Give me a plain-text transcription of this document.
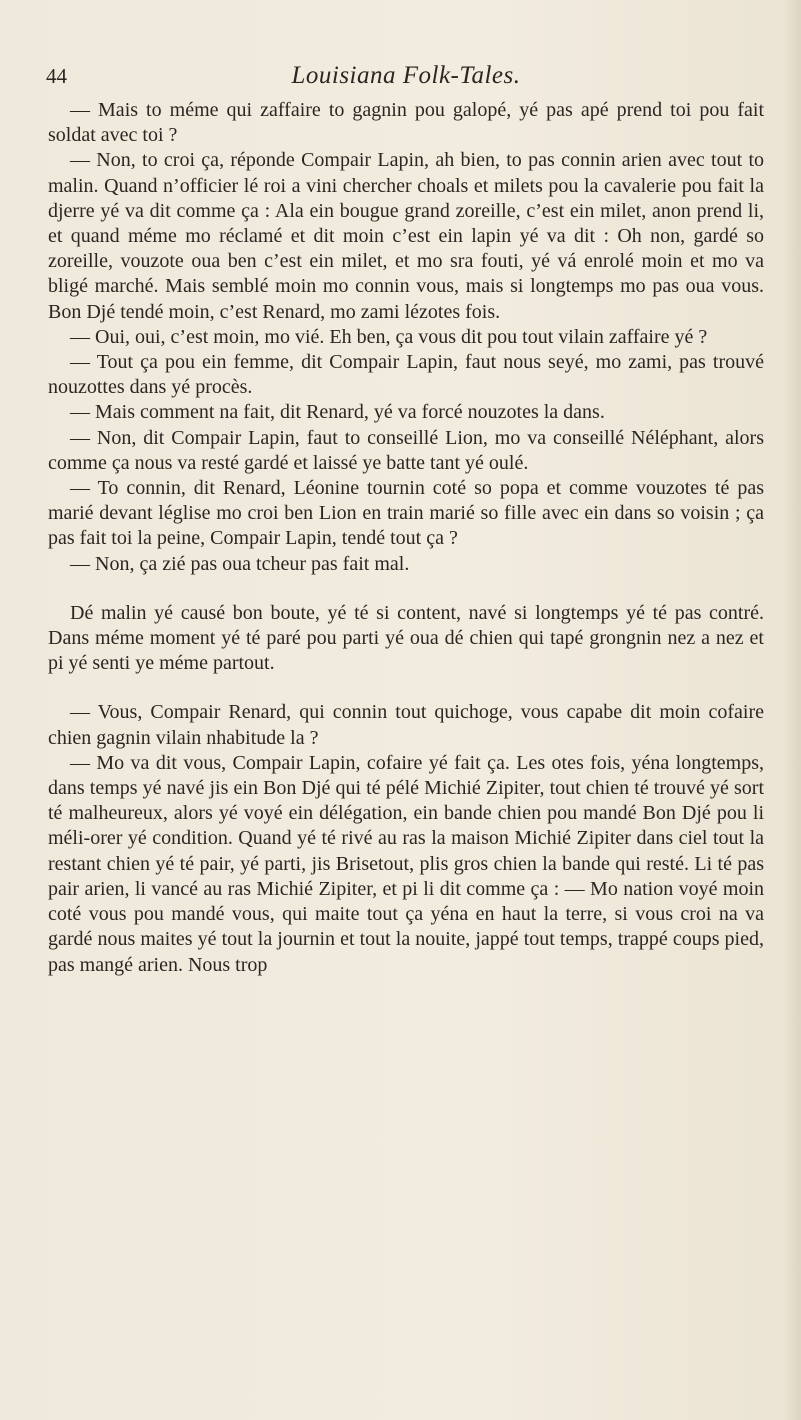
44	Louisiana Folk-Tales.

— Mais to méme qui zaffaire to gagnin pou galopé, yé pas apé prend toi pou fait soldat avec toi ?

— Non, to croi ça, réponde Compair Lapin, ah bien, to pas connin arien avec tout to malin. Quand n’officier lé roi a vini chercher choals et milets pou la cavalerie pou fait la djerre yé va dit comme ça : Ala ein bougue grand zoreille, c’est ein milet, anon prend li, et quand méme mo réclamé et dit moin c’est ein lapin yé va dit : Oh non, gardé so zoreille, vouzote oua ben c’est ein milet, et mo sra fouti, yé vá enrolé moin et mo va bligé marché. Mais semblé moin mo connin vous, mais si longtemps mo pas oua vous. Bon Djé tendé moin, c’est Renard, mo zami lézotes fois.

— Oui, oui, c’est moin, mo vié. Eh ben, ça vous dit pou tout vilain zaffaire yé ?

— Tout ça pou ein femme, dit Compair Lapin, faut nous seyé, mo zami, pas trouvé nouzottes dans yé procès.

— Mais comment na fait, dit Renard, yé va forcé nouzotes la dans.

— Non, dit Compair Lapin, faut to conseillé Lion, mo va conseillé Néléphant, alors comme ça nous va resté gardé et laissé ye batte tant yé oulé.

— To connin, dit Renard, Léonine tournin coté so popa et comme vouzotes té pas marié devant léglise mo croi ben Lion en train marié so fille avec ein dans so voisin ; ça pas fait toi la peine, Compair Lapin, tendé tout ça ?

— Non, ça zié pas oua tcheur pas fait mal.

Dé malin yé causé bon boute, yé té si content, navé si longtemps yé té pas contré. Dans méme moment yé té paré pou parti yé oua dé chien qui tapé grongnin nez a nez et pi yé senti ye méme partout.

— Vous, Compair Renard, qui connin tout quichoge, vous capabe dit moin cofaire chien gagnin vilain nhabitude la ?

— Mo va dit vous, Compair Lapin, cofaire yé fait ça. Les otes fois, yéna longtemps, dans temps yé navé jis ein Bon Djé qui té pélé Michié Zipiter, tout chien té trouvé yé sort té malheureux, alors yé voyé ein délégation, ein bande chien pou mandé Bon Djé pou li méli-orer yé condition. Quand yé té rivé au ras la maison Michié Zipiter dans ciel tout la restant chien yé té pair, yé parti, jis Brisetout, plis gros chien la bande qui resté. Li té pas pair arien, li vancé au ras Michié Zipiter, et pi li dit comme ça : — Mo nation voyé moin coté vous pou mandé vous, qui maite tout ça yéna en haut la terre, si vous croi na va gardé nous maites yé tout la journin et tout la nouite, jappé tout temps, trappé coups pied, pas mangé arien. Nous trop
